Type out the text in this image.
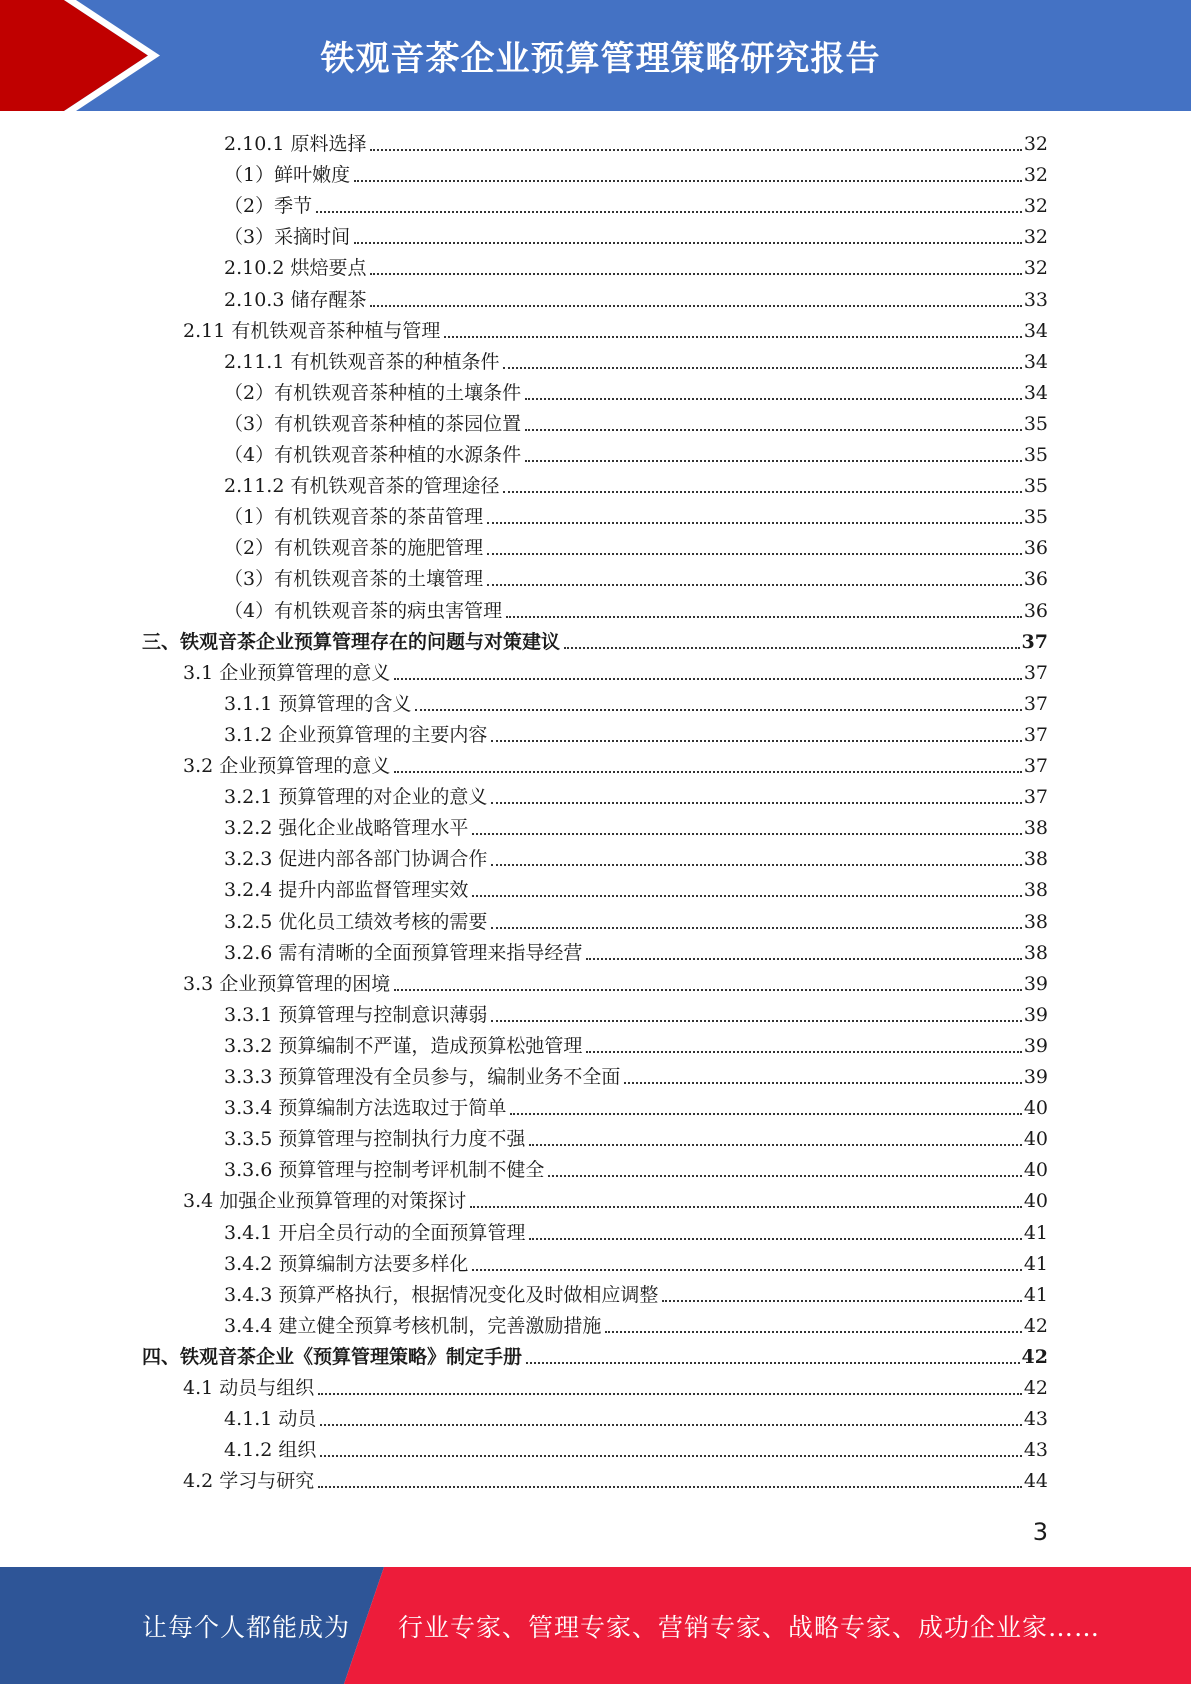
铁观音茶企业预算管理策略研究报告
2.10.1 原料选择	32
（1）鲜叶嫩度	32
（2）季节	32
（3）采摘时间	32
2.10.2 烘焙要点	32
2.10.3 储存醒茶	33
2.11 有机铁观音茶种植与管理	34
2.11.1 有机铁观音茶的种植条件	34
（2）有机铁观音茶种植的土壤条件	34
（3）有机铁观音茶种植的茶园位置	35
（4）有机铁观音茶种植的水源条件	35
2.11.2 有机铁观音茶的管理途径	35
（1）有机铁观音茶的茶苗管理	35
（2）有机铁观音茶的施肥管理	36
（3）有机铁观音茶的土壤管理	36
（4）有机铁观音茶的病虫害管理	36
三、铁观音茶企业预算管理存在的问题与对策建议	37
3.1 企业预算管理的意义	37
3.1.1 预算管理的含义	37
3.1.2 企业预算管理的主要内容	37
3.2 企业预算管理的意义	37
3.2.1 预算管理的对企业的意义	37
3.2.2 强化企业战略管理水平	38
3.2.3 促进内部各部门协调合作	38
3.2.4 提升内部监督管理实效	38
3.2.5 优化员工绩效考核的需要	38
3.2.6 需有清晰的全面预算管理来指导经营	38
3.3 企业预算管理的困境	39
3.3.1 预算管理与控制意识薄弱	39
3.3.2 预算编制不严谨，造成预算松弛管理	39
3.3.3 预算管理没有全员参与，编制业务不全面	39
3.3.4 预算编制方法选取过于简单	40
3.3.5 预算管理与控制执行力度不强	40
3.3.6 预算管理与控制考评机制不健全	40
3.4 加强企业预算管理的对策探讨	40
3.4.1 开启全员行动的全面预算管理	41
3.4.2 预算编制方法要多样化	41
3.4.3 预算严格执行，根据情况变化及时做相应调整	41
3.4.4 建立健全预算考核机制，完善激励措施	42
四、铁观音茶企业《预算管理策略》制定手册	42
4.1 动员与组织	42
4.1.1 动员	43
4.1.2 组织	43
4.2 学习与研究	44
3
让每个人都能成为 行业专家、管理专家、营销专家、战略专家、成功企业家……
